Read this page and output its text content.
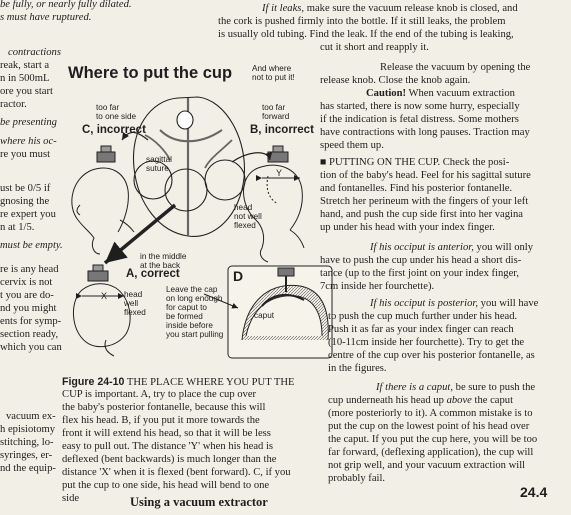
be fully, or nearly fully dilated.
s must have ruptured.
contractions
reak, start a
n in 500mL
ore you start
ractor.
be presenting
where his oc-
re you must
ust be 0/5 if
gnosing the
re expert you
n at 1/5.
must be empty.
re is any head
cervix is not
t you are do-
nd you might
ents for symp-
section ready,
which you can
vacuum ex-
h episiotomy
stitching, lo-
syringes, er-
nd the equip-
Where to put the cup And where
not to put it!
too far
to one side
C, incorrect
too far
forward
B, incorrect
sagittal
suture	Y
head
not well
flexed
in the middle
at the back
A, correct
X head
well
flexed
Leave the cap
on long enough
for caput to
be formed
inside before
you start pulling
D
caput
Figure 24-10 THE PLACE WHERE YOU PUT THE
CUP is important. A, try to place the cup over
the baby's posterior fontanelle, because this will
flex his head. B, if you put it more towards the
front it will extend his head, so that it will be less
easy to pull out. The distance 'Y' when his head is
deflexed (bent backwards) is much longer than the
distance 'X' when it is flexed (bent forward). C, if you
put the cup to one side, his head will bend to one
side
If it leaks, make sure the vacuum release knob is closed, and
the cork is pushed firmly into the bottle. If it still leaks, the problem
is usually old tubing. Find the leak. If the end of the tubing is leaking,
cut it short and reapply it.
Release the vacuum by opening the
release knob. Close the knob again.
Caution! When vacuum extraction
has started, there is now some hurry, especially
if the indication is fetal distress. Some mothers
have contractions with long pauses. Traction may
speed them up.
■ PUTTING ON THE CUP. Check the posi-
tion of the baby's head. Feel for his sagittal suture
and fontanelles. Find his posterior fontanelle.
Stretch her perineum with the fingers of your left
hand, and push the cup side first into her vagina
up under his head with your index finger.
If his occiput is anterior, you will only
have to push the cup under his head a short dis-
tance (up to the first joint on your index finger,
7cm inside her fourchette).
If his occiput is posterior, you will have
to push the cup much further under his head.
Push it as far as your index finger can reach
(10-11cm inside her fourchette). Try to get the
centre of the cup over his posterior fontanelle, as
in the figures.
If there is a caput, be sure to push the
cup underneath his head up above the caput
(more posteriorly to it). A common mistake is to
put the cup on the lowest point of his head over
the caput. If you put the cup here, you will be too
far forward, (deflexing application), the cup will
not grip well, and your vacuum extraction will
probably fail.
Using a vacuum extractor
24.4
